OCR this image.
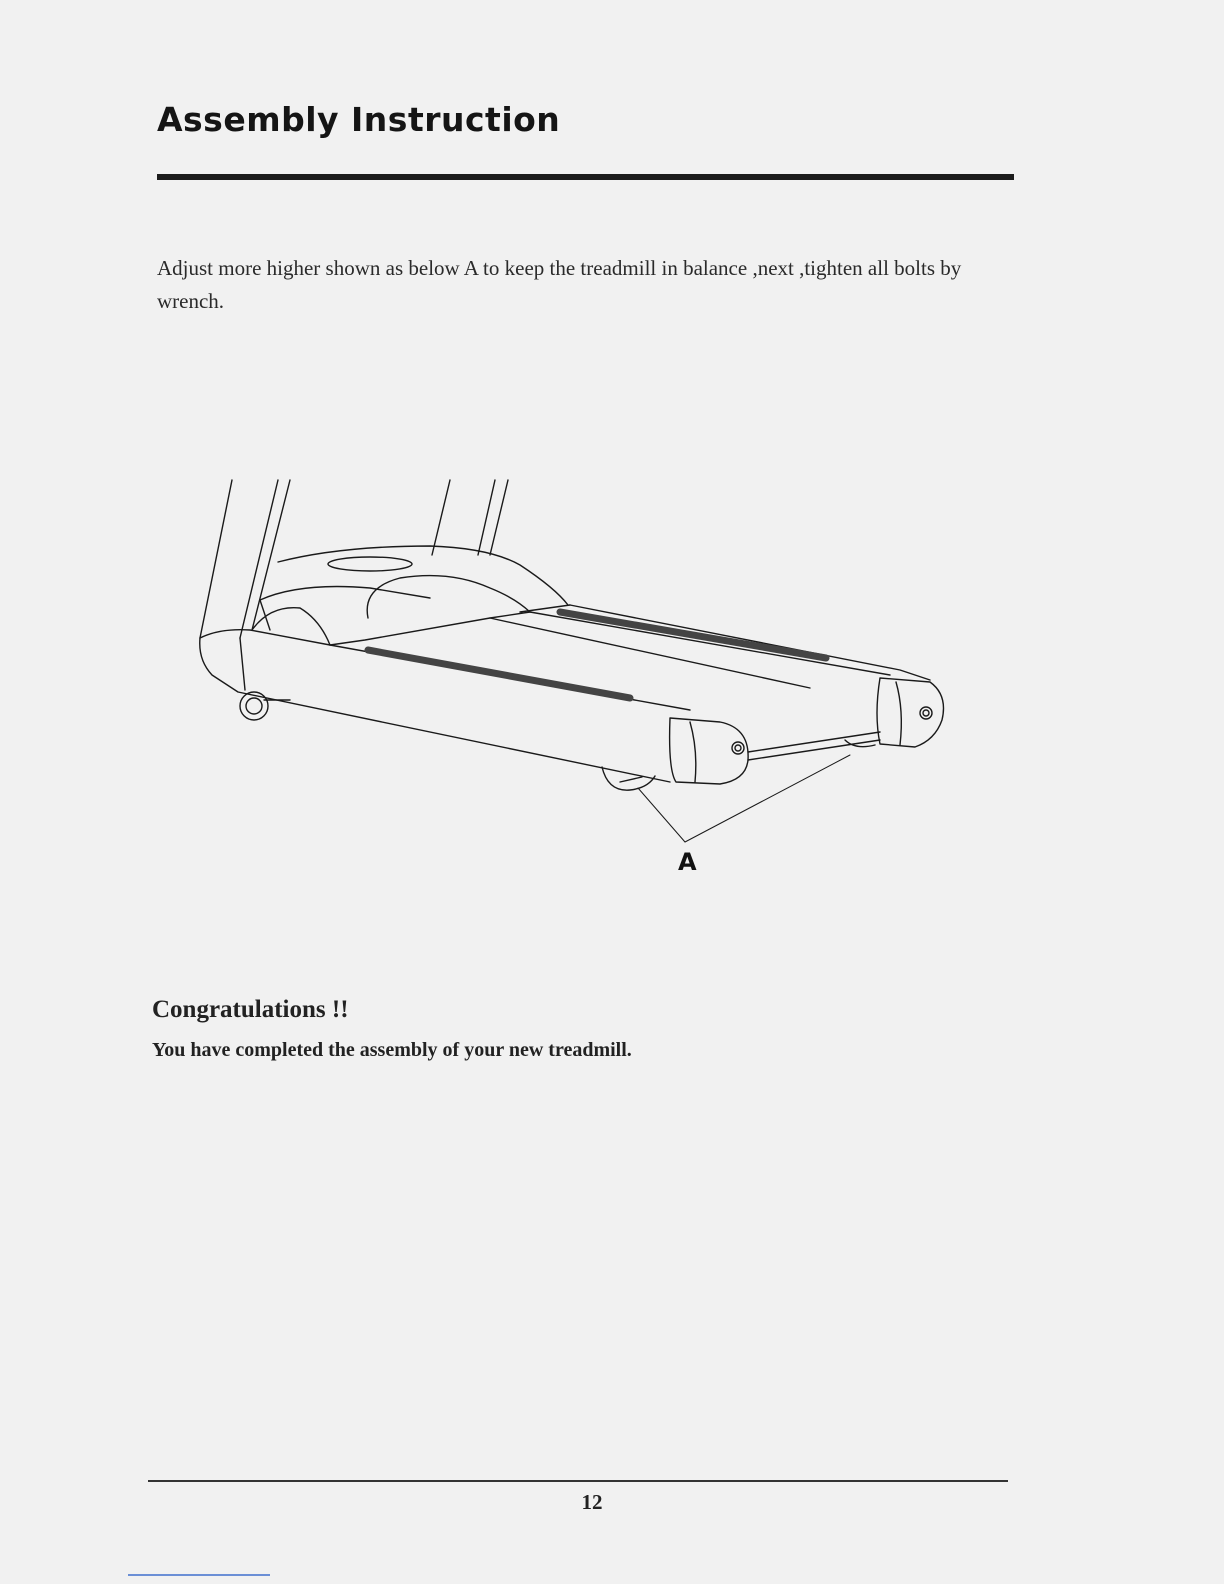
Assembly Instruction

Adjust more higher shown as below A to keep the treadmill in balance ,next ,tighten all bolts by wrench.

A
Congratulations !!

You have completed the assembly of your new treadmill.

12
